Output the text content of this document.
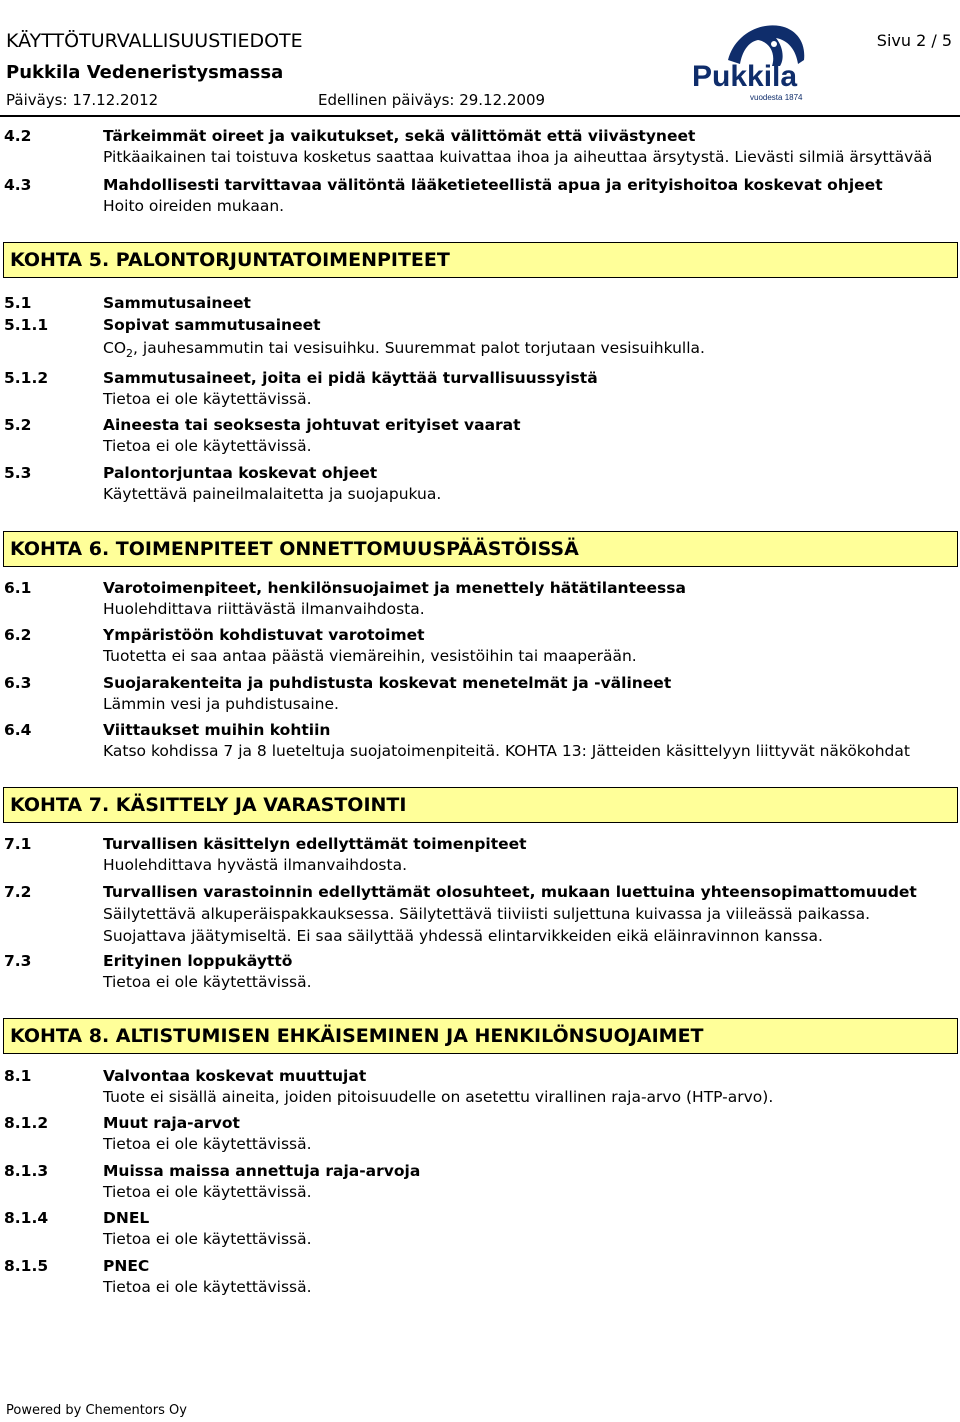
KÄYTTÖTURVALLISUUSTIEDOTE
Pukkila Vedeneristysmassa
Päiväys: 17.12.2012	Edellinen päiväys: 29.12.2009
Sivu 2 / 5
Pukkila
vuodesta 1874
4.2	Tärkeimmät oireet ja vaikutukset, sekä välittömät että viivästyneet
Pitkäaikainen tai toistuva kosketus saattaa kuivattaa ihoa ja aiheuttaa ärsytystä. Lievästi silmiä ärsyttävää
4.3	Mahdollisesti tarvittavaa välitöntä lääketieteellistä apua ja erityishoitoa koskevat ohjeet
Hoito oireiden mukaan.
KOHTA 5. PALONTORJUNTATOIMENPITEET
5.1	Sammutusaineet
5.1.1	Sopivat sammutusaineet
$CO_2$, jauhesammutin tai vesisuihku. Suuremmat palot torjutaan vesisuihkulla.
5.1.2	Sammutusaineet, joita ei pidä käyttää turvallisuussyistä
Tietoa ei ole käytettävissä.
5.2	Aineesta tai seoksesta johtuvat erityiset vaarat
Tietoa ei ole käytettävissä.
5.3	Palontorjuntaa koskevat ohjeet
Käytettävä paineilmalaitetta ja suojapukua.
KOHTA 6. TOIMENPITEET ONNETTOMUUSPÄÄSTÖISSÄ
6.1	Varotoimenpiteet, henkilönsuojaimet ja menettely hätätilanteessa
Huolehdittava riittävästä ilmanvaihdosta.
6.2	Ympäristöön kohdistuvat varotoimet
Tuotetta ei saa antaa päästä viemäreihin, vesistöihin tai maaperään.
6.3	Suojarakenteita ja puhdistusta koskevat menetelmät ja -välineet
Lämmin vesi ja puhdistusaine.
6.4	Viittaukset muihin kohtiin
Katso kohdissa 7 ja 8 lueteltuja suojatoimenpiteitä. KOHTA 13: Jätteiden käsittelyyn liittyvät näkökohdat
KOHTA 7. KÄSITTELY JA VARASTOINTI
7.1	Turvallisen käsittelyn edellyttämät toimenpiteet
Huolehdittava hyvästä ilmanvaihdosta.
7.2	Turvallisen varastoinnin edellyttämät olosuhteet, mukaan luettuina yhteensopimattomuudet
Säilytettävä alkuperäispakkauksessa. Säilytettävä tiiviisti suljettuna kuivassa ja viileässä paikassa. Suojattava jäätymiseltä. Ei saa säilyttää yhdessä elintarvikkeiden eikä eläinravinnon kanssa.
7.3	Erityinen loppukäyttö
Tietoa ei ole käytettävissä.
KOHTA 8. ALTISTUMISEN EHKÄISEMINEN JA HENKILÖNSUOJAIMET
8.1	Valvontaa koskevat muuttujat
Tuote ei sisällä aineita, joiden pitoisuudelle on asetettu virallinen raja-arvo (HTP-arvo).
8.1.2	Muut raja-arvot
Tietoa ei ole käytettävissä.
8.1.3	Muissa maissa annettuja raja-arvoja
Tietoa ei ole käytettävissä.
8.1.4	DNEL
Tietoa ei ole käytettävissä.
8.1.5	PNEC
Tietoa ei ole käytettävissä.
Powered by Chementors Oy
